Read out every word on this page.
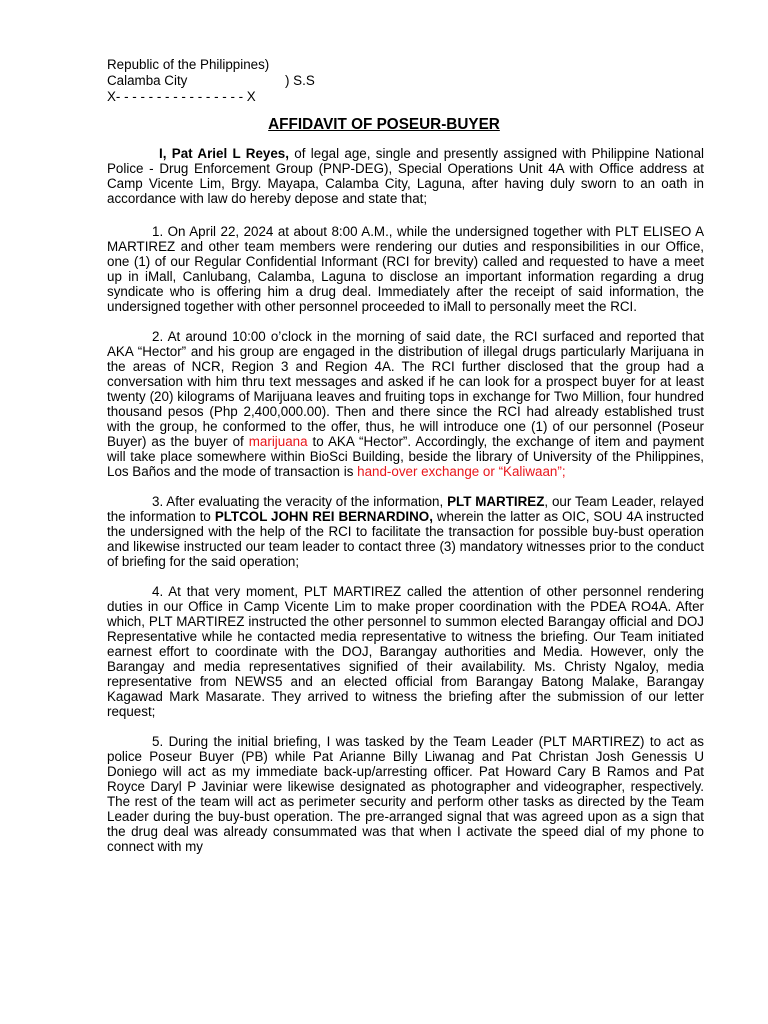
Republic of the Philippines)
Calamba City	) S.S
X- - - - - - - - - - - - - - - - X
AFFIDAVIT OF POSEUR-BUYER

I, Pat Ariel L Reyes, of legal age, single and presently assigned with Philippine National Police - Drug Enforcement Group (PNP-DEG), Special Operations Unit 4A with Office address at Camp Vicente Lim, Brgy. Mayapa, Calamba City, Laguna, after having duly sworn to an oath in accordance with law do hereby depose and state that;

1. On April 22, 2024 at about 8:00 A.M., while the undersigned together with PLT ELISEO A MARTIREZ and other team members were rendering our duties and responsibilities in our Office, one (1) of our Regular Confidential Informant (RCI for brevity) called and requested to have a meet up in iMall, Canlubang, Calamba, Laguna to disclose an important information regarding a drug syndicate who is offering him a drug deal. Immediately after the receipt of said information, the undersigned together with other personnel proceeded to iMall to personally meet the RCI.

2. At around 10:00 o’clock in the morning of said date, the RCI surfaced and reported that AKA “Hector” and his group are engaged in the distribution of illegal drugs particularly Marijuana in the areas of NCR, Region 3 and Region 4A. The RCI further disclosed that the group had a conversation with him thru text messages and asked if he can look for a prospect buyer for at least twenty (20) kilograms of Marijuana leaves and fruiting tops in exchange for Two Million, four hundred thousand pesos (Php 2,400,000.00). Then and there since the RCI had already established trust with the group, he conformed to the offer, thus, he will introduce one (1) of our personnel (Poseur Buyer) as the buyer of marijuana to AKA “Hector”. Accordingly, the exchange of item and payment will take place somewhere within BioSci Building, beside the library of University of the Philippines, Los Baños and the mode of transaction is hand-over exchange or “Kaliwaan”;

3. After evaluating the veracity of the information, PLT MARTIREZ, our Team Leader, relayed the information to PLTCOL JOHN REI BERNARDINO, wherein the latter as OIC, SOU 4A instructed the undersigned with the help of the RCI to facilitate the transaction for possible buy-bust operation and likewise instructed our team leader to contact three (3) mandatory witnesses prior to the conduct of briefing for the said operation;

4. At that very moment, PLT MARTIREZ called the attention of other personnel rendering duties in our Office in Camp Vicente Lim to make proper coordination with the PDEA RO4A. After which, PLT MARTIREZ instructed the other personnel to summon elected Barangay official and DOJ Representative while he contacted media representative to witness the briefing. Our Team initiated earnest effort to coordinate with the DOJ, Barangay authorities and Media. However, only the Barangay and media representatives signified of their availability. Ms. Christy Ngaloy, media representative from NEWS5 and an elected official from Barangay Batong Malake, Barangay Kagawad Mark Masarate. They arrived to witness the briefing after the submission of our letter request;

5. During the initial briefing, I was tasked by the Team Leader (PLT MARTIREZ) to act as police Poseur Buyer (PB) while Pat Arianne Billy Liwanag and Pat Christan Josh Genessis U Doniego will act as my immediate back-up/arresting officer. Pat Howard Cary B Ramos and Pat Royce Daryl P Javiniar were likewise designated as photographer and videographer, respectively. The rest of the team will act as perimeter security and perform other tasks as directed by the Team Leader during the buy-bust operation. The pre-arranged signal that was agreed upon as a sign that the drug deal was already consummated was that when I activate the speed dial of my phone to connect with my
